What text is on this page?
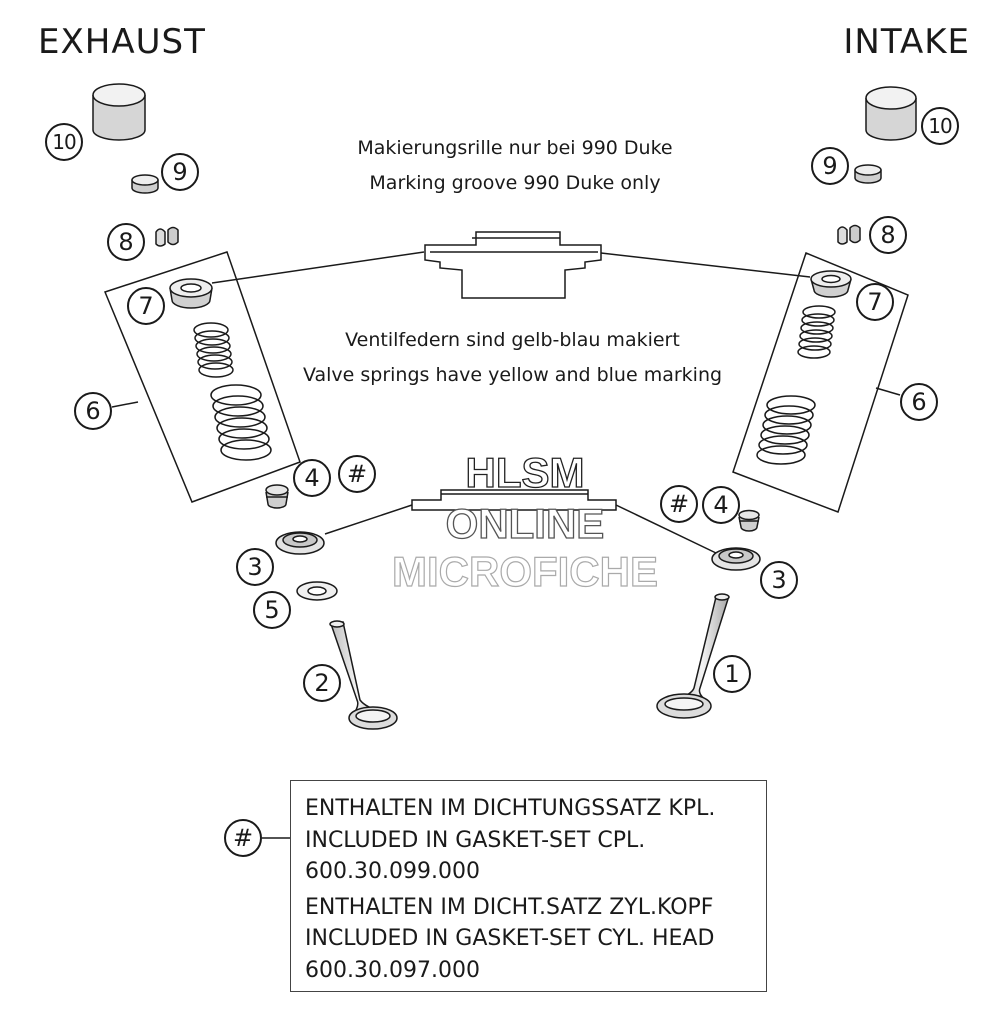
EXHAUST	INTAKE
Makierungsrille nur bei 990 Duke
Marking groove 990 Duke only
Ventilfedern sind gelb-blau makiert
Valve springs have yellow and blue marking
10
9
8
7
6
4	#
3
5
2
10
9
8
7
6
#	4
3
1
#
ENTHALTEN IM DICHTUNGSSATZ KPL.
INCLUDED IN GASKET-SET CPL.
600.30.099.000
ENTHALTEN IM DICHT.SATZ ZYL.KOPF
INCLUDED IN GASKET-SET CYL. HEAD
600.30.097.000
HLSM
ONLINE
MICROFICHE
